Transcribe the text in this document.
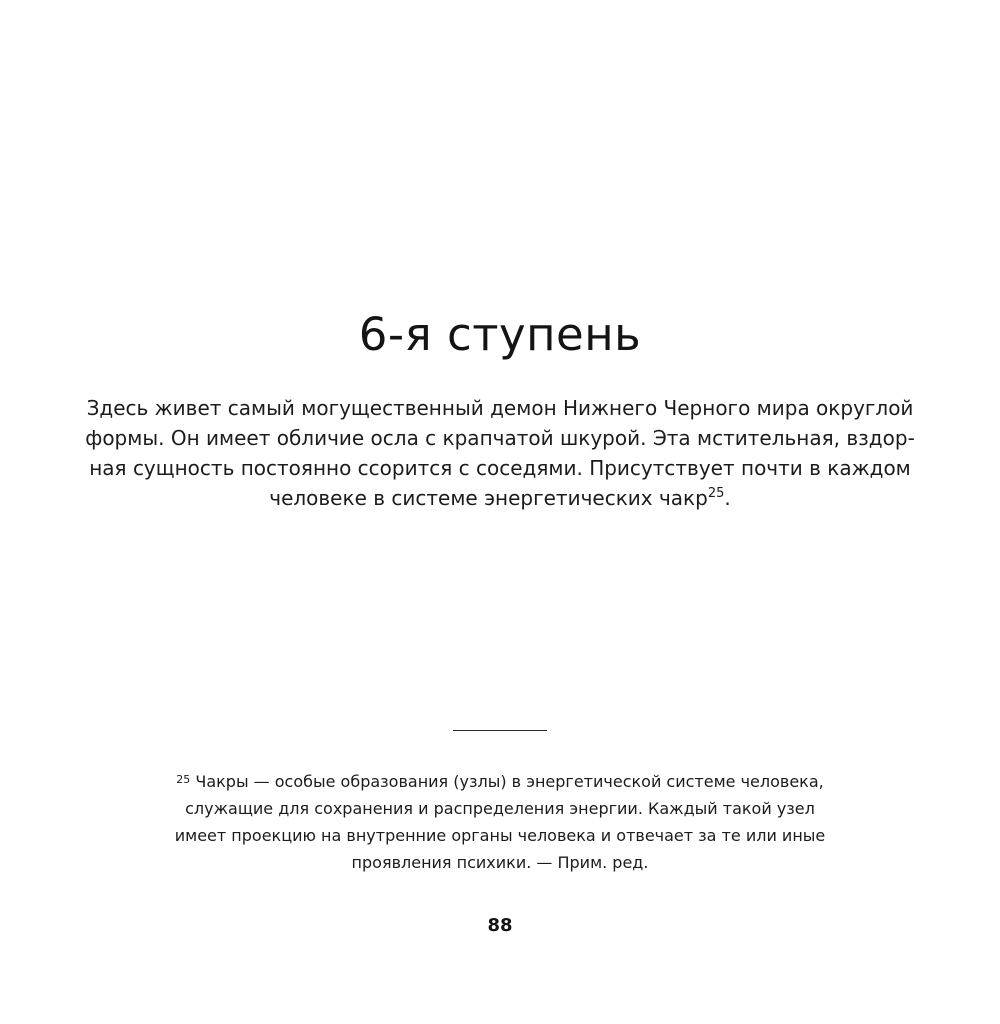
6-я ступень

Здесь живет самый могущественный демон Нижнего Черного мира округлой
формы. Он имеет обличие осла с крапчатой шкурой. Эта мстительная, вздор-
ная сущность постоянно ссорится с соседями. Присутствует почти в каждом
человеке в системе энергетических чакр$^{25}$.

$^{25}$ Чакры — особые образования (узлы) в энергетической системе человека,
служащие для сохранения и распределения энергии. Каждый такой узел
имеет проекцию на внутренние органы человека и отвечает за те или иные
проявления психики. — Прим. ред.

88
